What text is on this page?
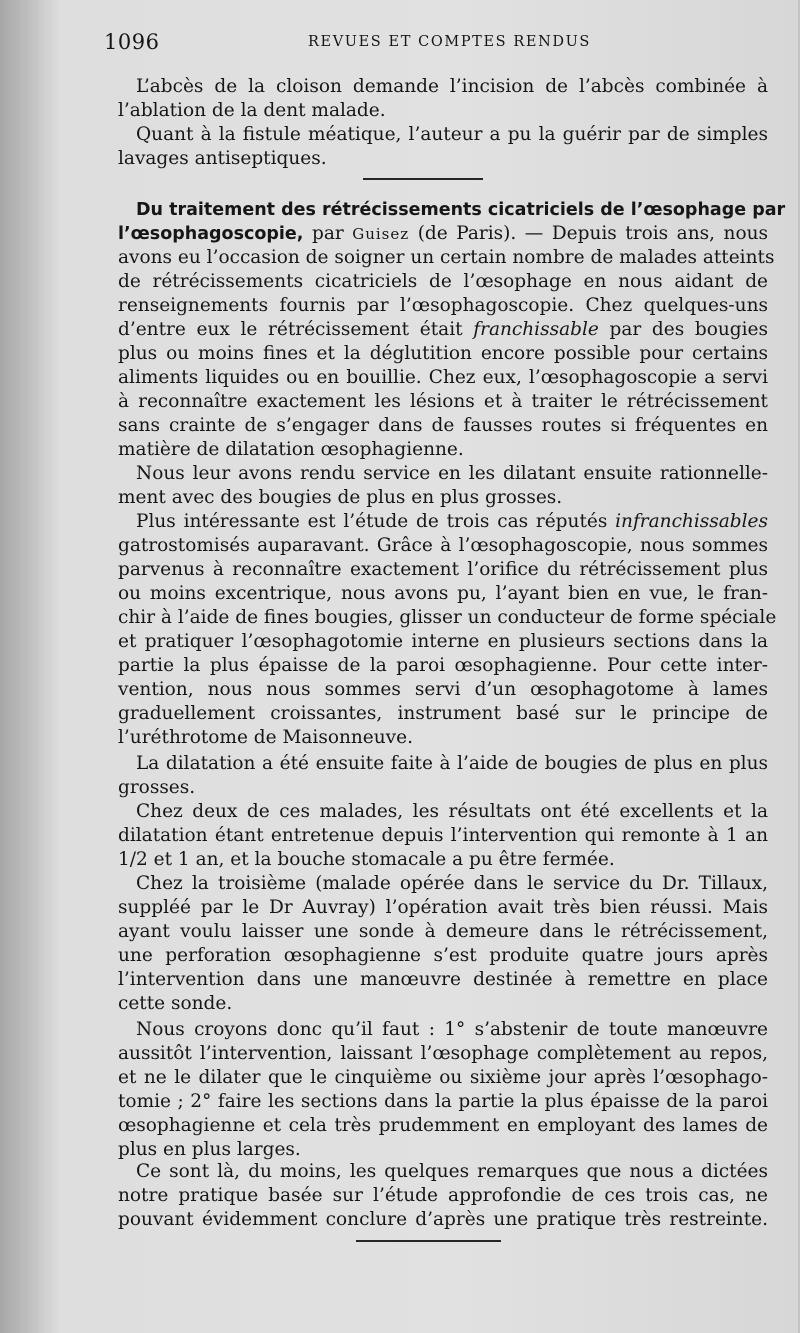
1096	REVUES ET COMPTES RENDUS
L’abcès de la cloison demande l’incision de l’abcès combinée à
l’ablation de la dent malade.
Quant à la fistule méatique, l’auteur a pu la guérir par de simples
lavages antiseptiques.
Du traitement des rétrécissements cicatriciels de l’œsophage par
l’œsophagoscopie, par Guisez (de Paris). — Depuis trois ans, nous
avons eu l’occasion de soigner un certain nombre de malades atteints
de rétrécissements cicatriciels de l’œsophage en nous aidant de
renseignements fournis par l’œsophagoscopie. Chez quelques-uns
d’entre eux le rétrécissement était franchissable par des bougies
plus ou moins fines et la déglutition encore possible pour certains
aliments liquides ou en bouillie. Chez eux, l’œsophagoscopie a servi
à reconnaître exactement les lésions et à traiter le rétrécissement
sans crainte de s’engager dans de fausses routes si fréquentes en
matière de dilatation œsophagienne.
Nous leur avons rendu service en les dilatant ensuite rationnelle-
ment avec des bougies de plus en plus grosses.
Plus intéressante est l’étude de trois cas réputés infranchissables
gatrostomisés auparavant. Grâce à l’œsophagoscopie, nous sommes
parvenus à reconnaître exactement l’orifice du rétrécissement plus
ou moins excentrique, nous avons pu, l’ayant bien en vue, le fran-
chir à l’aide de fines bougies, glisser un conducteur de forme spéciale
et pratiquer l’œsophagotomie interne en plusieurs sections dans la
partie la plus épaisse de la paroi œsophagienne. Pour cette inter-
vention, nous nous sommes servi d’un œsophagotome à lames
graduellement croissantes, instrument basé sur le principe de
l’uréthrotome de Maisonneuve.
La dilatation a été ensuite faite à l’aide de bougies de plus en plus
grosses.
Chez deux de ces malades, les résultats ont été excellents et la
dilatation étant entretenue depuis l’intervention qui remonte à 1 an
1/2 et 1 an, et la bouche stomacale a pu être fermée.
Chez la troisième (malade opérée dans le service du Dr. Tillaux,
suppléé par le Dr Auvray) l’opération avait très bien réussi. Mais
ayant voulu laisser une sonde à demeure dans le rétrécissement,
une perforation œsophagienne s’est produite quatre jours après
l’intervention dans une manœuvre destinée à remettre en place
cette sonde.
Nous croyons donc qu’il faut : 1° s’abstenir de toute manœuvre
aussitôt l’intervention, laissant l’œsophage complètement au repos,
et ne le dilater que le cinquième ou sixième jour après l’œsophago-
tomie ; 2° faire les sections dans la partie la plus épaisse de la paroi
œsophagienne et cela très prudemment en employant des lames de
plus en plus larges.
Ce sont là, du moins, les quelques remarques que nous a dictées
notre pratique basée sur l’étude approfondie de ces trois cas, ne
pouvant évidemment conclure d’après une pratique très restreinte.
